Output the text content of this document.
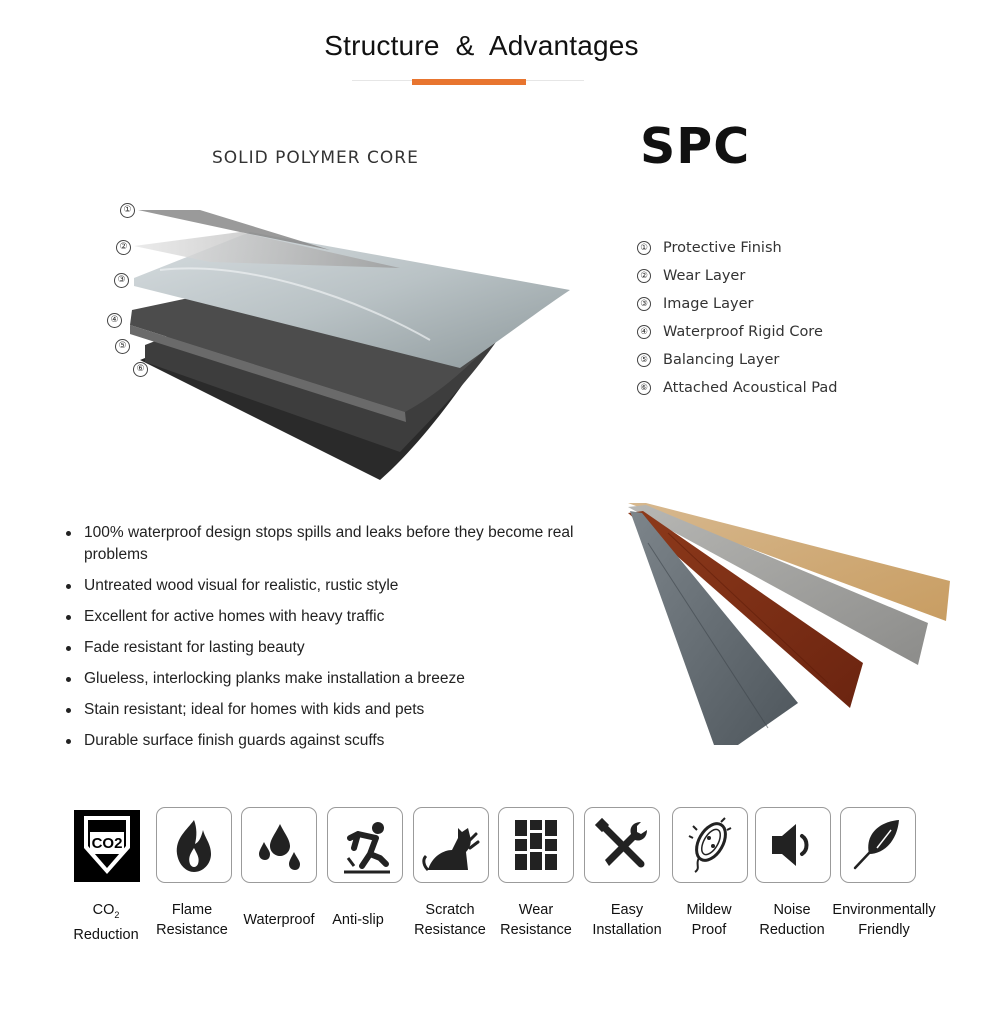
Structure  &  Advantages
SOLID POLYMER CORE	SPC
①
②
③
④
⑤
⑥
① Protective Finish
② Wear Layer
③ Image Layer
④ Waterproof Rigid Core
⑤ Balancing Layer
⑥ Attached Acoustical Pad
100% waterproof design stops spills and leaks before they become real problems
Untreated wood visual for realistic, rustic style
Excellent for active homes with heavy traffic
Fade resistant for lasting beauty
Glueless, interlocking planks make installation a breeze
Stain resistant; ideal for homes with kids and pets
Durable surface finish guards against scuffs
CO2
$CO_2$
Reduction
Flame
Resistance
Waterproof Anti-slip
Scratch
Resistance
Wear
Resistance
Easy
Installation
Mildew
Proof
Noise
Reduction
Environmentally
Friendly
